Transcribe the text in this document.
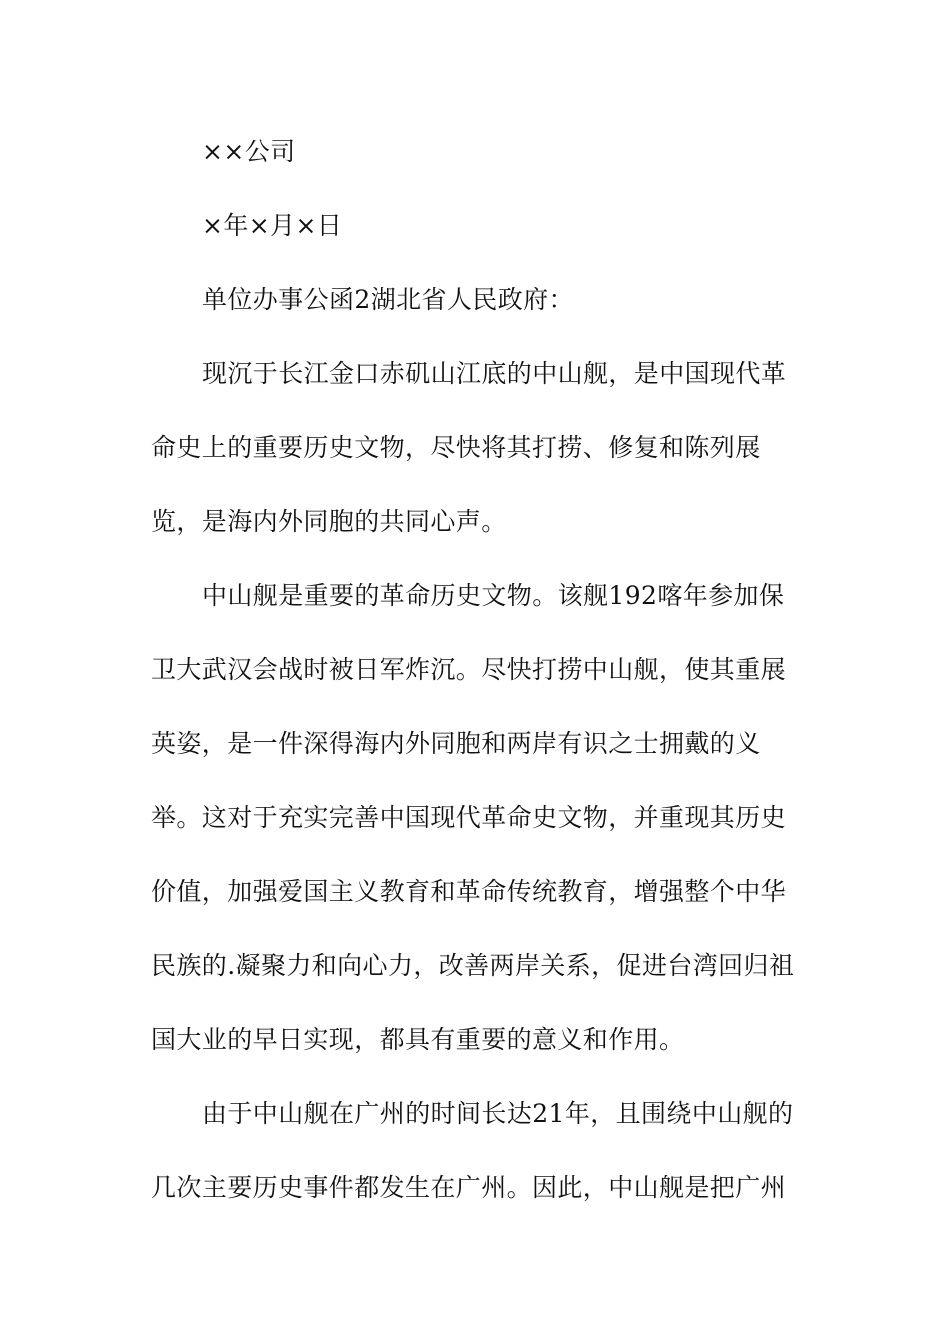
××公司
×年×月×日
单位办事公函2湖北省人民政府：
现沉于长江金口赤矶山江底的中山舰，是中国现代革
命史上的重要历史文物，尽快将其打捞、修复和陈列展
览，是海内外同胞的共同心声。
中山舰是重要的革命历史文物。该舰192喀年参加保
卫大武汉会战时被日军炸沉。尽快打捞中山舰，使其重展
英姿，是一件深得海内外同胞和两岸有识之士拥戴的义
举。这对于充实完善中国现代革命史文物，并重现其历史
价值，加强爱国主义教育和革命传统教育，增强整个中华
民族的.凝聚力和向心力，改善两岸关系，促进台湾回归祖
国大业的早日实现，都具有重要的意义和作用。
由于中山舰在广州的时间长达21年，且围绕中山舰的
几次主要历史事件都发生在广州。因此，中山舰是把广州
